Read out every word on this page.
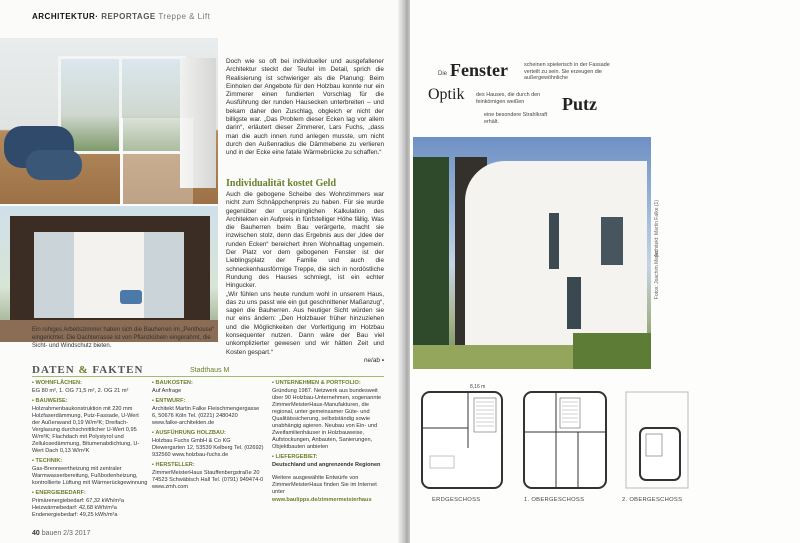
ARCHITEKTUR· REPORTAGE Treppe & Lift
Ein ruhiges Arbeitszimmer haben sich die Bauherren im „Penthouse“ eingerichtet. Die Dachterrasse ist von Pflanzkübeln eingerahmt, die Sicht- und Windschutz bieten.

Doch wie so oft bei individueller und ausgefallener Architektur steckt der Teufel im Detail, sprich die Realisierung ist schwieriger als die Planung: Beim Einholen der Angebote für den Holzbau konnte nur ein Zimmerer einen fundierten Vorschlag für die Ausführung der runden Hausecken unterbreiten – und bekam daher den Zuschlag, obgleich er nicht der billigste war. „Das Problem dieser Ecken lag vor allem darin“, erläutert dieser Zimmerer, Lars Fuchs, „dass man die auch innen rund anlegen musste, um nicht durch den Außenradius die Dämmebene zu verlieren und in der Ecke eine fatale Wärmebrücke zu schaffen.“

Individualität kostet Geld

Auch die gebogene Scheibe des Wohnzimmers war nicht zum Schnäppchenpreis zu haben. Für sie wurde gegenüber der ursprünglichen Kalkulation des Architekten ein Aufpreis in fünfstelliger Höhe fällig. Was die Bauherren beim Bau verärgerte, macht sie inzwischen stolz, denn das Ergebnis aus der „Idee der runden Ecken“ bereichert ihren Wohnalltag ungemein. Der Platz vor dem gebogenen Fenster ist der Lieblingsplatz der Familie und auch die schneckenhausförmige Treppe, die sich in nordöstliche Rundung des Hauses schmiegt, ist ein echter Hingucker.

„Wir fühlen uns heute rundum wohl in unserem Haus, das zu uns passt wie ein gut geschnittener Maßanzug“, sagen die Bauherren. Aus heutiger Sicht würden sie nur eins ändern: „Den Holzbauer früher hinzuziehen und die Möglichkeiten der Vorfertigung im Holzbau konsequenter nutzen. Dann wäre der Bau viel unkomplizierter gewesen und wir hätten Zeit und Kosten gespart.“

ne/ab ▪

DATEN & FAKTEN	Stadthaus M
▪ WOHNFLÄCHEN:
EG 80 m², 1. OG 71,5 m², 2. OG 21 m²
▪ BAUWEISE:
Holzrahmenbaukonstruktion mit 220 mm Holzfaserdämmung, Putz-Fassade, U-Wert der Außenwand 0,19 W/m²K; Dreifach-Verglasung durchschnittlicher U-Wert 0,95 W/m²K; Flachdach mit Polystyrol und Zellulosedämmung, Bitumenabdichtung, U-Wert Dach 0,13 W/m²K
▪ TECHNIK:
Gas-Brennwertheizung mit zentraler Warmwasserbereitung, Fußbodenheizung, kontrollierte Lüftung mit Wärmerückgewinnung
▪ ENERGIEBEDARF:
Primärenergiebedarf: 67,32 kWh/m²a Heizwärmebedarf: 42,68 kWh/m²a Endenergiebedarf: 49,25 kWh/m²a
▪ BAUKOSTEN:
Auf Anfrage
▪ ENTWURF:
Architekt Martin Falke Fleischmengergasse 6, 50676 Köln Tel. (0221) 2480420 www.falke-architekten.de
▪ AUSFÜHRUNG HOLZBAU:
Holzbau Fuchs GmbH & Co KG Diewergarten 12, 53539 Kelberg Tel. (02692) 932560 www.holzbau-fuchs.de
▪ HERSTELLER:
ZimmerMeisterHaus Stauffenbergstraße 20 74523 Schwäbisch Hall Tel. (0791) 949474-0 www.zmh.com
▪ UNTERNEHMEN & PORTFOLIO:
Gründung 1987. Netzwerk aus bundesweit über 90 Holzbau-Unternehmen, sogenannte ZimmerMeisterHaus-Manufakturen, die regional, unter gemeinsamer Güte- und Qualitätssicherung, selbstständig sowie unabhängig agieren. Neubau von Ein- und Zweifamilienhäuser in Holzbauweise, Aufstockungen, Anbauten, Sanierungen, Objektbauten anbieten
▪ LIEFERGEBIET:
Deutschland und angrenzende Regionen
Weitere ausgewählte Entwürfe von ZimmerMeisterHaus finden Sie im Internet unter
www.baulipps.de/zimmermeisterhaus
40 bauen 2/3 2017
Die Fenster	scheinen spielerisch in der Fassade verteilt zu sein. Sie erzeugen die außergewöhnliche
Optik des Hauses, die durch den feinkörnigen weißen	Putz
eine besondere Strahlkraft erhält.
Fotos: Joachim Meyer
Architekt: Martin Falke (1)
8,16 m
ERDGESCHOSS	1. OBERGESCHOSS	2. OBERGESCHOSS
